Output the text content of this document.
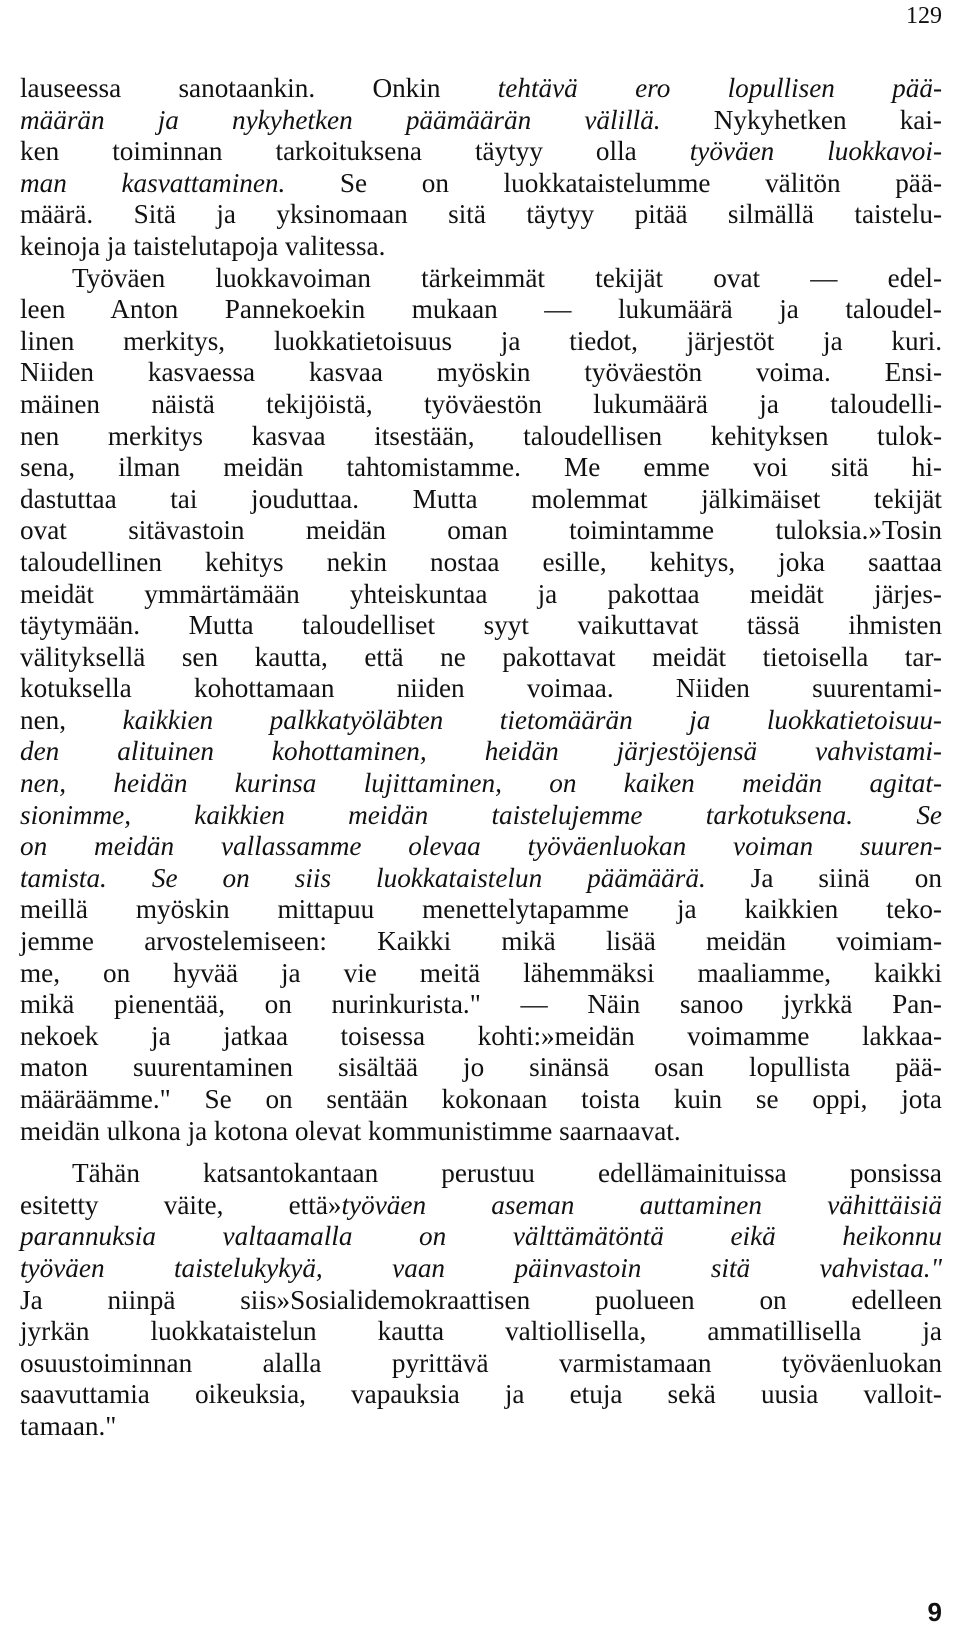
129
lauseessa sanotaankin. Onkin tehtävä ero lopullisen pää-
määrän ja nykyhetken päämäärän välillä. Nykyhetken kai-
ken toiminnan tarkoituksena täytyy olla työväen luokkavoi-
man kasvattaminen. Se on luokkataistelumme välitön pää-
määrä. Sitä ja yksinomaan sitä täytyy pitää silmällä taistelu-
keinoja ja taistelutapoja valitessa.
Työväen luokkavoiman tärkeimmät tekijät ovat — edel-
leen Anton Pannekoekin mukaan — lukumäärä ja taloudel-
linen merkitys, luokkatietoisuus ja tiedot, järjestöt ja kuri.
Niiden kasvaessa kasvaa myöskin työväestön voima. Ensi-
mäinen näistä tekijöistä, työväestön lukumäärä ja taloudelli-
nen merkitys kasvaa itsestään, taloudellisen kehityksen tulok-
sena, ilman meidän tahtomistamme. Me emme voi sitä hi-
dastuttaa tai jouduttaa. Mutta molemmat jälkimäiset tekijät
ovat sitävastoin meidän oman toimintamme tuloksia.»Tosin
taloudellinen kehitys nekin nostaa esille, kehitys, joka saattaa
meidät ymmärtämään yhteiskuntaa ja pakottaa meidät järjes-
täytymään. Mutta taloudelliset syyt vaikuttavat tässä ihmisten
välityksellä sen kautta, että ne pakottavat meidät tietoisella tar-
kotuksella kohottamaan niiden voimaa. Niiden suurentami-
nen, kaikkien palkkatyöläbten tietomäärän ja luokkatietoisuu-
den alituinen kohottaminen, heidän järjestöjensä vahvistami-
nen, heidän kurinsa lujittaminen, on kaiken meidän agitat-
sionimme, kaikkien meidän taistelujemme tarkotuksena. Se
on meidän vallassamme olevaa työväenluokan voiman suuren-
tamista. Se on siis luokkataistelun päämäärä. Ja siinä on
meillä myöskin mittapuu menettelytapamme ja kaikkien teko-
jemme arvostelemiseen: Kaikki mikä lisää meidän voimiam-
me, on hyvää ja vie meitä lähemmäksi maaliamme, kaikki
mikä pienentää, on nurinkurista." — Näin sanoo jyrkkä Pan-
nekoek ja jatkaa toisessa kohti:»meidän voimamme lakkaa-
maton suurentaminen sisältää jo sinänsä osan lopullista pää-
määräämme." Se on sentään kokonaan toista kuin se oppi, jota
meidän ulkona ja kotona olevat kommunistimme saarnaavat.
Tähän katsantokantaan perustuu edellämainituissa ponsissa
esitetty väite, että»työväen aseman auttaminen vähittäisiä
parannuksia valtaamalla on välttämätöntä eikä heikonnu
työväen taistelukykyä, vaan päinvastoin sitä vahvistaa."
Ja niinpä siis»Sosialidemokraattisen puolueen on edelleen
jyrkän luokkataistelun kautta valtiollisella, ammatillisella ja
osuustoiminnan alalla pyrittävä varmistamaan työväenluokan
saavuttamia oikeuksia, vapauksia ja etuja sekä uusia valloit-
tamaan."
9
